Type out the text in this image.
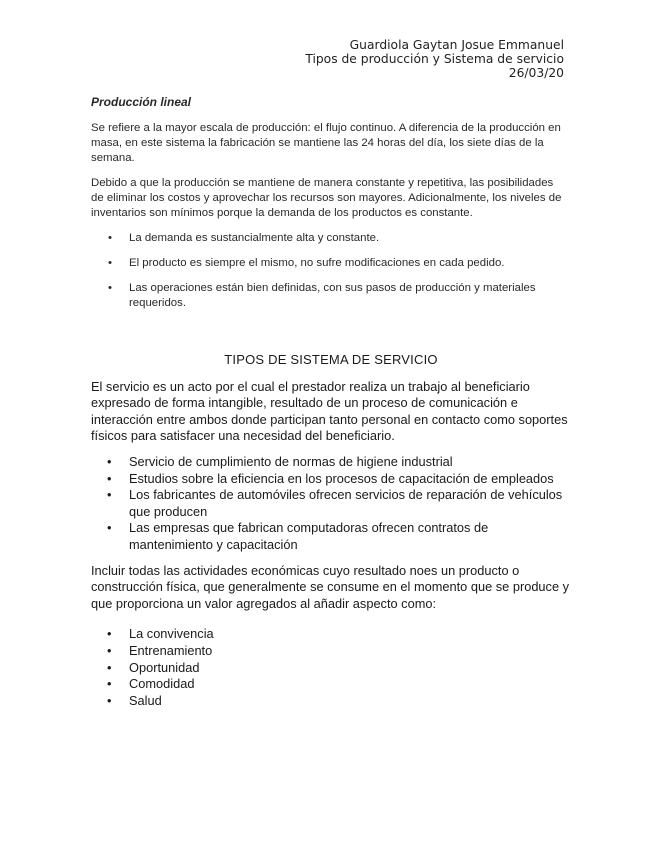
Guardiola Gaytan Josue Emmanuel
Tipos de producción y Sistema de servicio
26/03/20

Producción lineal

Se refiere a la mayor escala de producción: el flujo continuo. A diferencia de la producción en masa, en este sistema la fabricación se mantiene las 24 horas del día, los siete días de la semana.

Debido a que la producción se mantiene de manera constante y repetitiva, las posibilidades de eliminar los costos y aprovechar los recursos son mayores. Adicionalmente, los niveles de inventarios son mínimos porque la demanda de los productos es constante.

• La demanda es sustancialmente alta y constante.
• El producto es siempre el mismo, no sufre modificaciones en cada pedido.
• Las operaciones están bien definidas, con sus pasos de producción y materiales requeridos.

TIPOS DE SISTEMA DE SERVICIO

El servicio es un acto por el cual el prestador realiza un trabajo al beneficiario expresado de forma intangible, resultado de un proceso de comunicación e interacción entre ambos donde participan tanto personal en contacto como soportes físicos para satisfacer una necesidad del beneficiario.

• Servicio de cumplimiento de normas de higiene industrial
• Estudios sobre la eficiencia en los procesos de capacitación de empleados
• Los fabricantes de automóviles ofrecen servicios de reparación de vehículos que producen
• Las empresas que fabrican computadoras ofrecen contratos de mantenimiento y capacitación

Incluir todas las actividades económicas cuyo resultado noes un producto o construcción física, que generalmente se consume en el momento que se produce y que proporciona un valor agregados al añadir aspecto como:

• La convivencia
• Entrenamiento
• Oportunidad
• Comodidad
• Salud
